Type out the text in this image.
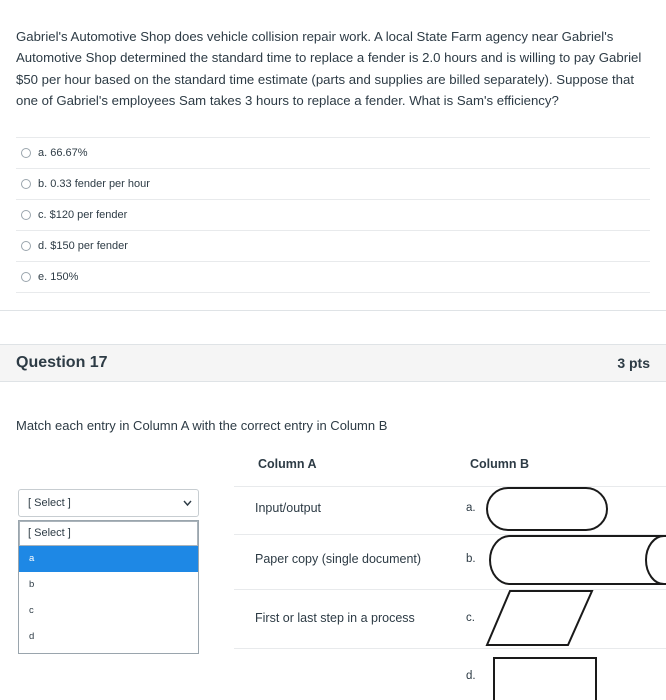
Gabriel's Automotive Shop does vehicle collision repair work. A local State Farm agency near Gabriel's Automotive Shop determined the standard time to replace a fender is 2.0 hours and is willing to pay Gabriel $50 per hour based on the standard time estimate (parts and supplies are billed separately). Suppose that one of Gabriel's employees Sam takes 3 hours to replace a fender. What is Sam's efficiency?
a. 66.67%
b. 0.33 fender per hour
c. $120 per fender
d. $150 per fender
e. 150%
Question 17	3 pts
Match each entry in Column A with the correct entry in Column B
Column A	Column B
[ Select ]
[ Select ]
a
b
c
d
Input/output
Paper copy (single document)
First or last step in a process
a.
b.
c.
d.
